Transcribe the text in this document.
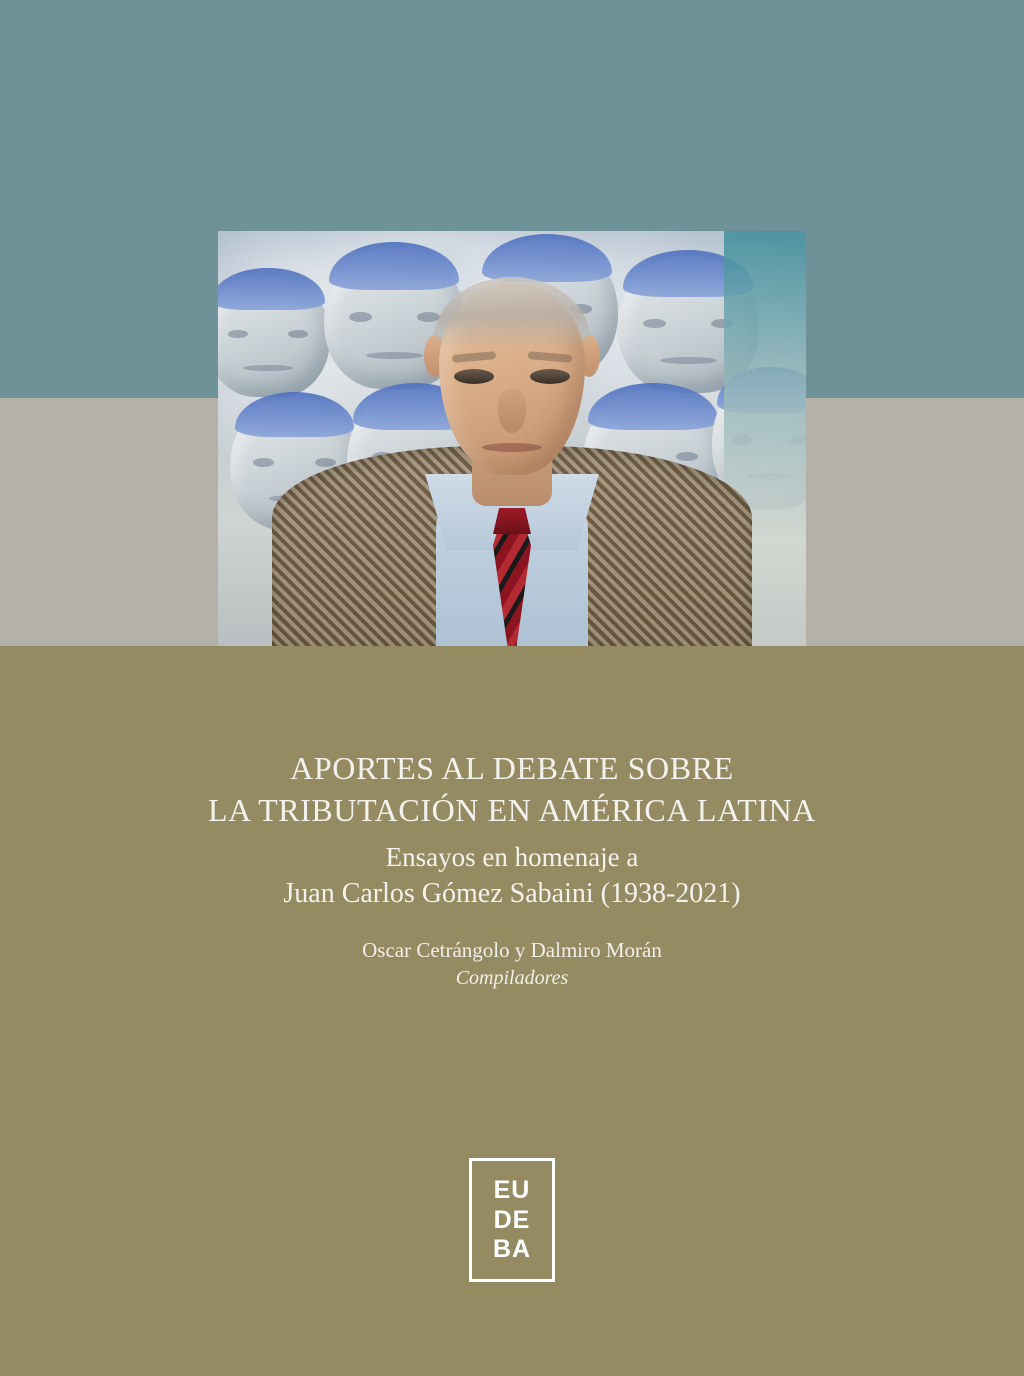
APORTES AL DEBATE SOBRE
LA TRIBUTACIÓN EN AMÉRICA LATINA
Ensayos en homenaje a
Juan Carlos Gómez Sabaini (1938-2021)
Oscar Cetrángolo y Dalmiro Morán
Compiladores
EU
DE
BA
